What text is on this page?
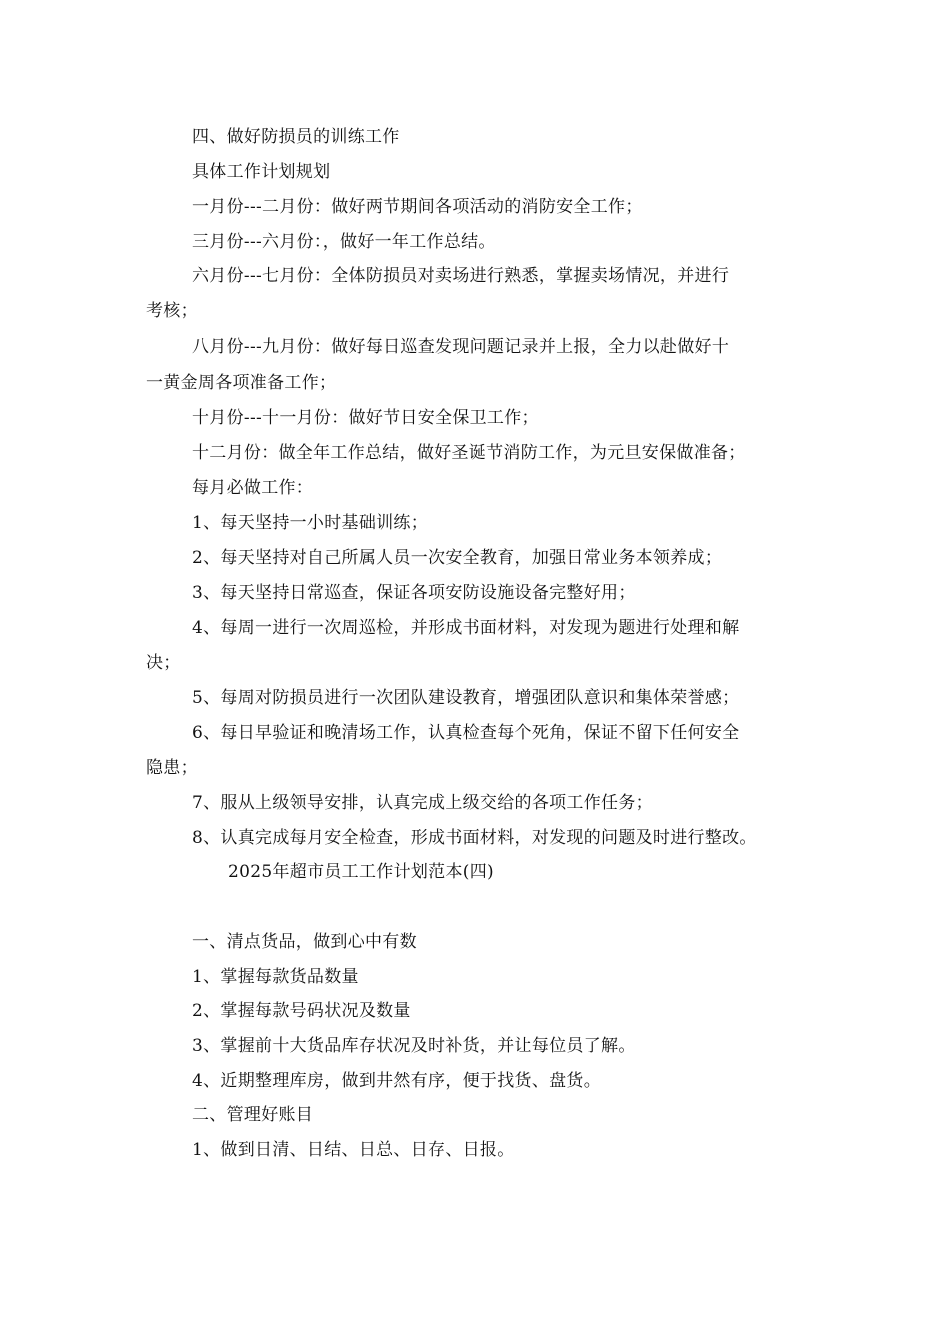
四、做好防损员的训练工作
具体工作计划规划
一月份---二月份：做好两节期间各项活动的消防安全工作；
三月份---六月份：，做好一年工作总结。
六月份---七月份：全体防损员对卖场进行熟悉，掌握卖场情况，并进行
考核；
八月份---九月份：做好每日巡查发现问题记录并上报，全力以赴做好十
一黄金周各项准备工作；
十月份---十一月份：做好节日安全保卫工作；
十二月份：做全年工作总结，做好圣诞节消防工作，为元旦安保做准备；
每月必做工作：
1、每天坚持一小时基础训练；
2、每天坚持对自己所属人员一次安全教育，加强日常业务本领养成；
3、每天坚持日常巡查，保证各项安防设施设备完整好用；
4、每周一进行一次周巡检，并形成书面材料，对发现为题进行处理和解
决；
5、每周对防损员进行一次团队建设教育，增强团队意识和集体荣誉感；
6、每日早验证和晚清场工作，认真检查每个死角，保证不留下任何安全
隐患；
7、服从上级领导安排，认真完成上级交给的各项工作任务；
8、认真完成每月安全检查，形成书面材料，对发现的问题及时进行整改。
2025年超市员工工作计划范本(四)
一、清点货品，做到心中有数
1、掌握每款货品数量
2、掌握每款号码状况及数量
3、掌握前十大货品库存状况及时补货，并让每位员了解。
4、近期整理库房，做到井然有序，便于找货、盘货。
二、管理好账目
1、做到日清、日结、日总、日存、日报。
